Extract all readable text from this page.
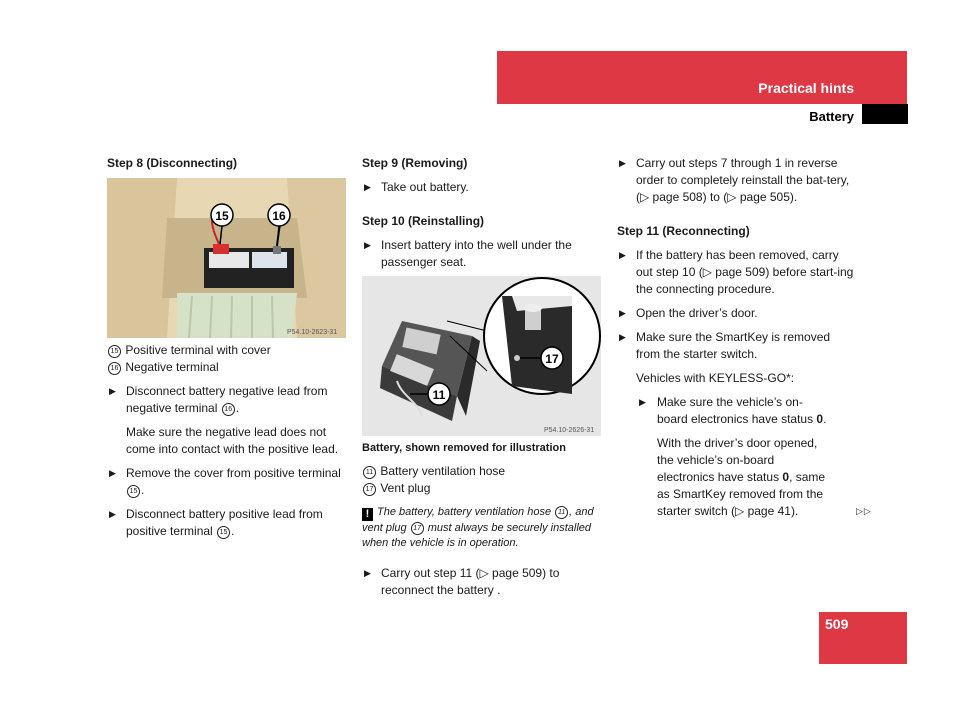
Practical hints
Battery

Step 8 (Disconnecting)

15	16
P54.10-2623-31

15 Positive terminal with cover

16 Negative terminal

▶ Disconnect battery negative lead from negative terminal 16 .

Make sure the negative lead does not come into contact with the positive lead.

▶ Remove the cover from positive terminal 15 .

▶ Disconnect battery positive lead from positive terminal 15 .

Step 9 (Removing)

▶ Take out battery.

Step 10 (Reinstalling)

▶ Insert battery into the well under the passenger seat.

17
11
P54.10-2626-31

Battery, shown removed for illustration

11 Battery ventilation hose

17 Vent plug

! The battery, battery ventilation hose 11 , and vent plug 17 must always be securely installed when the vehicle is in operation.

▶ Carry out step 11 (▷ page 509) to reconnect the battery .

▶ Carry out steps 7 through 1 in reverse order to completely reinstall the bat-tery, (▷ page 508) to (▷ page 505).

Step 11 (Reconnecting)

▶ If the battery has been removed, carry out step 10 (▷ page 509) before start-ing the connecting procedure.

▶ Open the driver’s door.

▶ Make sure the SmartKey is removed from the starter switch.

Vehicles with KEYLESS-GO*:

▶ Make sure the vehicle’s on-board electronics have status 0.

With the driver’s door opened, the vehicle’s on-board electronics have status 0, same as SmartKey removed from the starter switch (▷ page 41).	▷▷
509
